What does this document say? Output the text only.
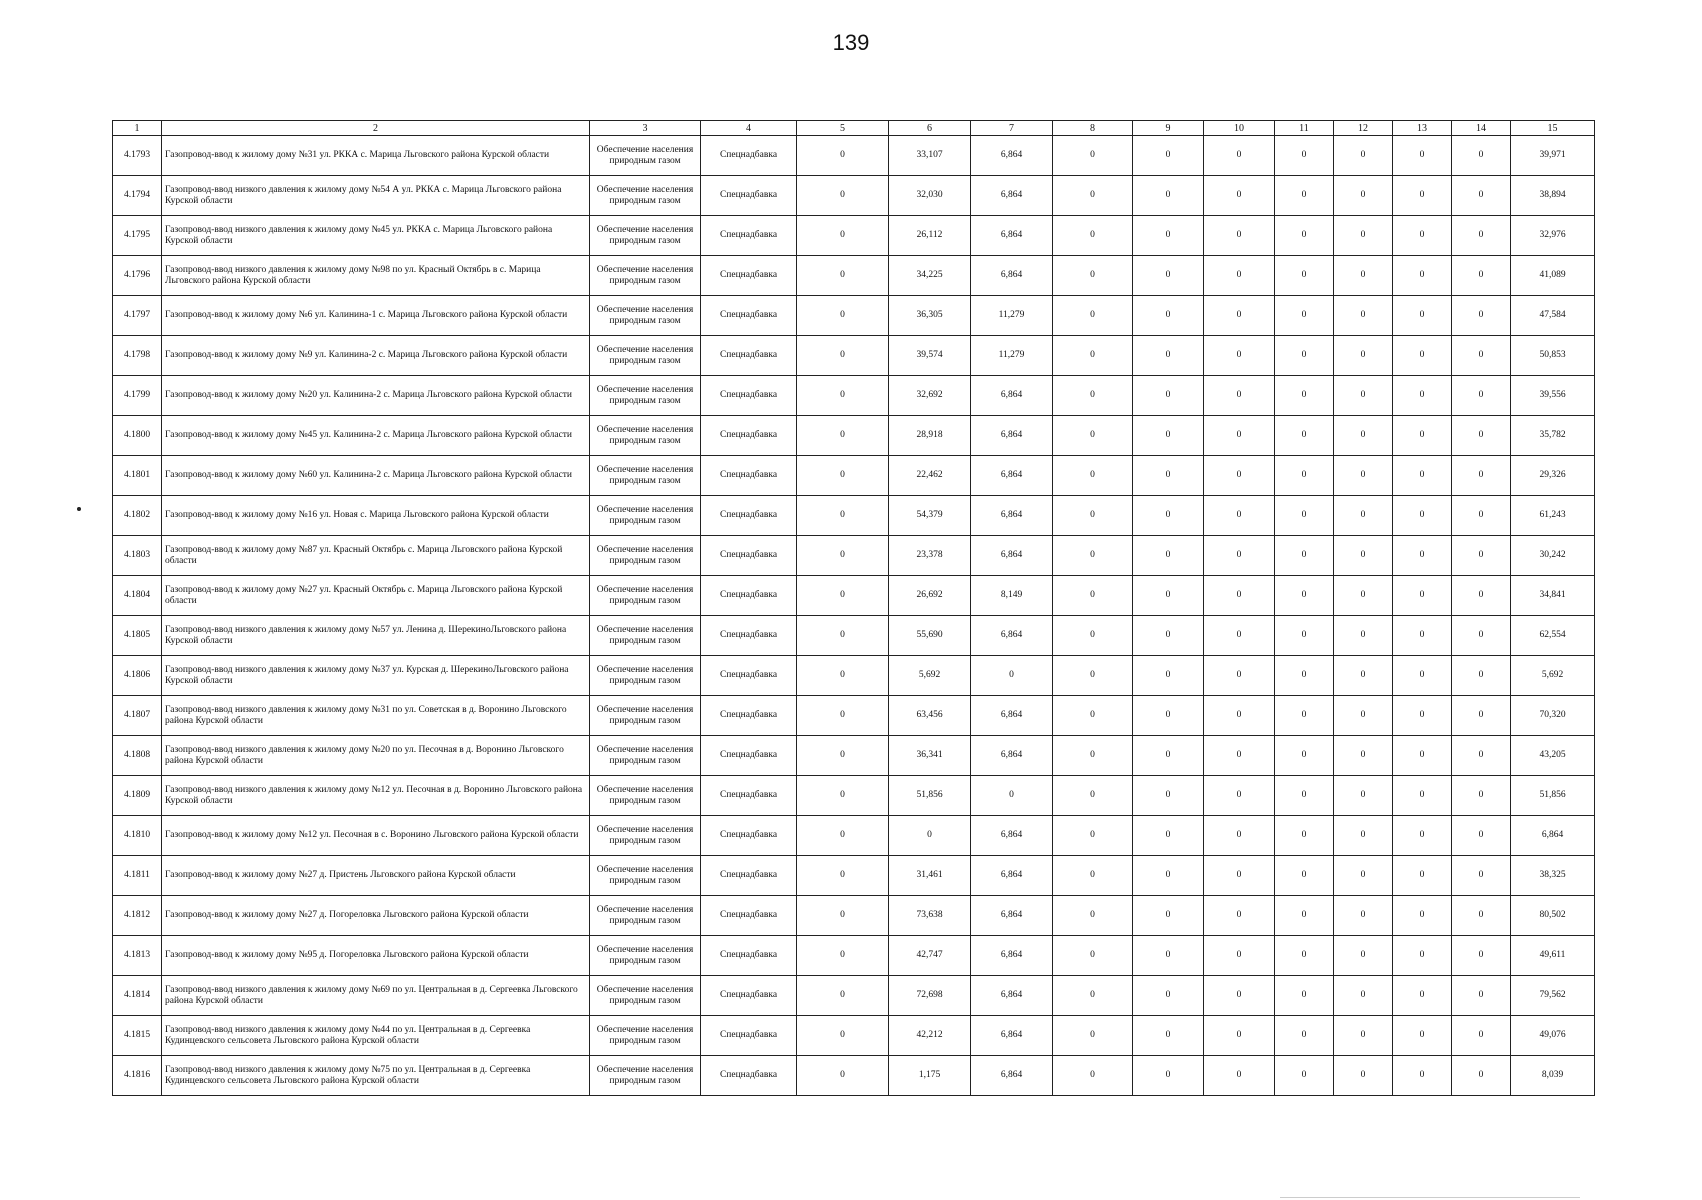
139
1	2	3	4	5	6	7	8	9	10	11	12	13	14	15
4.1793	Газопровод-ввод к жилому дому №31 ул. РККА с. Марица Льговского района Курской области	Обеспечение населения природным газом	Спецнадбавка	0	33,107	6,864	0	0	0	0	0	0	0	39,971
4.1794	Газопровод-ввод низкого давления к жилому дому №54 А ул. РККА с. Марица Льговского района Курской области	Обеспечение населения природным газом	Спецнадбавка	0	32,030	6,864	0	0	0	0	0	0	0	38,894
4.1795	Газопровод-ввод низкого давления к жилому дому №45 ул. РККА с. Марица Льговского района Курской области	Обеспечение населения природным газом	Спецнадбавка	0	26,112	6,864	0	0	0	0	0	0	0	32,976
4.1796	Газопровод-ввод низкого давления к жилому дому №98 по ул. Красный Октябрь в с. Марица Льговского района Курской области	Обеспечение населения природным газом	Спецнадбавка	0	34,225	6,864	0	0	0	0	0	0	0	41,089
4.1797	Газопровод-ввод к жилому дому №6 ул. Калинина-1 с. Марица Льговского района Курской области	Обеспечение населения природным газом	Спецнадбавка	0	36,305	11,279	0	0	0	0	0	0	0	47,584
4.1798	Газопровод-ввод к жилому дому №9 ул. Калинина-2 с. Марица Льговского района Курской области	Обеспечение населения природным газом	Спецнадбавка	0	39,574	11,279	0	0	0	0	0	0	0	50,853
4.1799	Газопровод-ввод к жилому дому №20 ул. Калинина-2 с. Марица Льговского района Курской области	Обеспечение населения природным газом	Спецнадбавка	0	32,692	6,864	0	0	0	0	0	0	0	39,556
4.1800	Газопровод-ввод к жилому дому №45 ул. Калинина-2 с. Марица Льговского района Курской области	Обеспечение населения природным газом	Спецнадбавка	0	28,918	6,864	0	0	0	0	0	0	0	35,782
4.1801	Газопровод-ввод к жилому дому №60 ул. Калинина-2 с. Марица Льговского района Курской области	Обеспечение населения природным газом	Спецнадбавка	0	22,462	6,864	0	0	0	0	0	0	0	29,326
4.1802	Газопровод-ввод к жилому дому №16 ул. Новая с. Марица Льговского района Курской области	Обеспечение населения природным газом	Спецнадбавка	0	54,379	6,864	0	0	0	0	0	0	0	61,243
4.1803	Газопровод-ввод к жилому дому №87 ул. Красный Октябрь с. Марица Льговского района Курской области	Обеспечение населения природным газом	Спецнадбавка	0	23,378	6,864	0	0	0	0	0	0	0	30,242
4.1804	Газопровод-ввод к жилому дому №27 ул. Красный Октябрь с. Марица Льговского района Курской области	Обеспечение населения природным газом	Спецнадбавка	0	26,692	8,149	0	0	0	0	0	0	0	34,841
4.1805	Газопровод-ввод низкого давления к жилому дому №57 ул. Ленина д. ШерекиноЛьговского района Курской области	Обеспечение населения природным газом	Спецнадбавка	0	55,690	6,864	0	0	0	0	0	0	0	62,554
4.1806	Газопровод-ввод низкого давления к жилому дому №37 ул. Курская д. ШерекиноЛьговского района Курской области	Обеспечение населения природным газом	Спецнадбавка	0	5,692	0	0	0	0	0	0	0	0	5,692
4.1807	Газопровод-ввод низкого давления к жилому дому №31 по ул. Советская в д. Воронино Льговского района Курской области	Обеспечение населения природным газом	Спецнадбавка	0	63,456	6,864	0	0	0	0	0	0	0	70,320
4.1808	Газопровод-ввод низкого давления к жилому дому №20 по ул. Песочная в д. Воронино Льговского района Курской области	Обеспечение населения природным газом	Спецнадбавка	0	36,341	6,864	0	0	0	0	0	0	0	43,205
4.1809	Газопровод-ввод низкого давления к жилому дому №12 ул. Песочная в д. Воронино Льговского района Курской области	Обеспечение населения природным газом	Спецнадбавка	0	51,856	0	0	0	0	0	0	0	0	51,856
4.1810	Газопровод-ввод к жилому дому №12 ул. Песочная в с. Воронино Льговского района Курской области	Обеспечение населения природным газом	Спецнадбавка	0	0	6,864	0	0	0	0	0	0	0	6,864
4.1811	Газопровод-ввод к жилому дому №27 д. Пристень Льговского района Курской области	Обеспечение населения природным газом	Спецнадбавка	0	31,461	6,864	0	0	0	0	0	0	0	38,325
4.1812	Газопровод-ввод к жилому дому №27 д. Погореловка Льговского района Курской области	Обеспечение населения природным газом	Спецнадбавка	0	73,638	6,864	0	0	0	0	0	0	0	80,502
4.1813	Газопровод-ввод к жилому дому №95 д. Погореловка Льговского района Курской области	Обеспечение населения природным газом	Спецнадбавка	0	42,747	6,864	0	0	0	0	0	0	0	49,611
4.1814	Газопровод-ввод низкого давления к жилому дому №69 по ул. Центральная в д. Сергеевка Льговского района Курской области	Обеспечение населения природным газом	Спецнадбавка	0	72,698	6,864	0	0	0	0	0	0	0	79,562
4.1815	Газопровод-ввод низкого давления к жилому дому №44 по ул. Центральная в д. Сергеевка Кудинцевского сельсовета Льговского района Курской области	Обеспечение населения природным газом	Спецнадбавка	0	42,212	6,864	0	0	0	0	0	0	0	49,076
4.1816	Газопровод-ввод низкого давления к жилому дому №75 по ул. Центральная в д. Сергеевка Кудинцевского сельсовета Льговского района Курской области	Обеспечение населения природным газом	Спецнадбавка	0	1,175	6,864	0	0	0	0	0	0	0	8,039
